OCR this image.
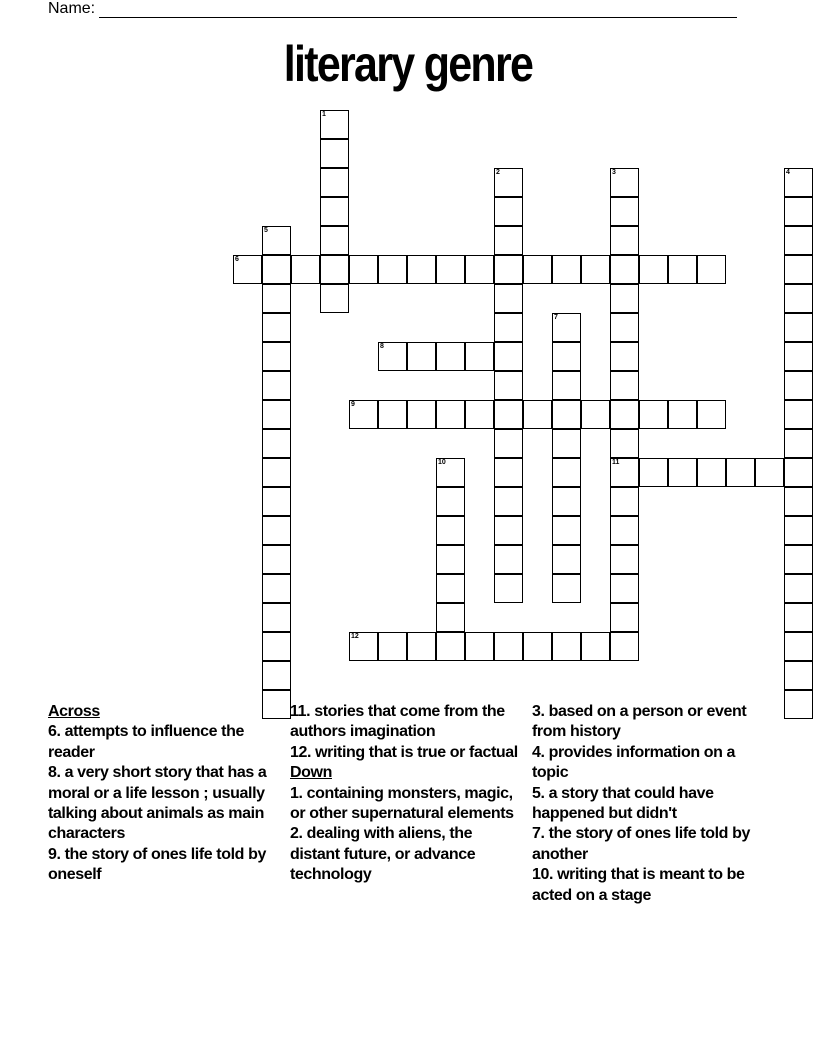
Name:
literary genre
1
2	3
11
4
5
6
7
8
9
10
12
Across
6. attempts to influence the reader
8. a very short story that has a moral or a life lesson ; usually talking about animals as main characters
9. the story of ones life told by oneself
11. stories that come from the authors imagination
12. writing that is true or factual
Down
1. containing monsters, magic, or other supernatural elements
2. dealing with aliens, the distant future, or advance technology
3. based on a person or event from history
4. provides information on a topic
5. a story that could have happened but didn't
7. the story of ones life told by another
10. writing that is meant to be acted on a stage
